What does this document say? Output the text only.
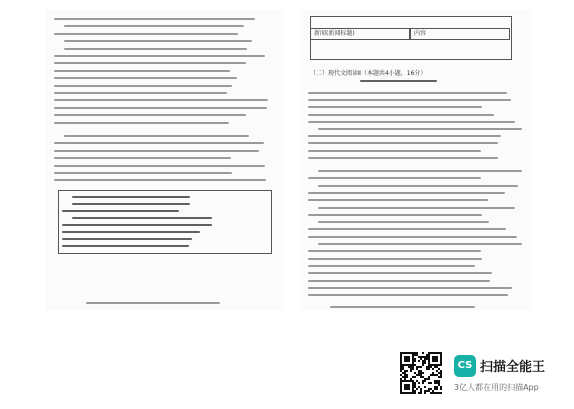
新闻(新闻标题)	内容
（二）现代文阅读Ⅱ（本题共4小题，16分）
CS 扫描全能王
3亿人都在用的扫描App
